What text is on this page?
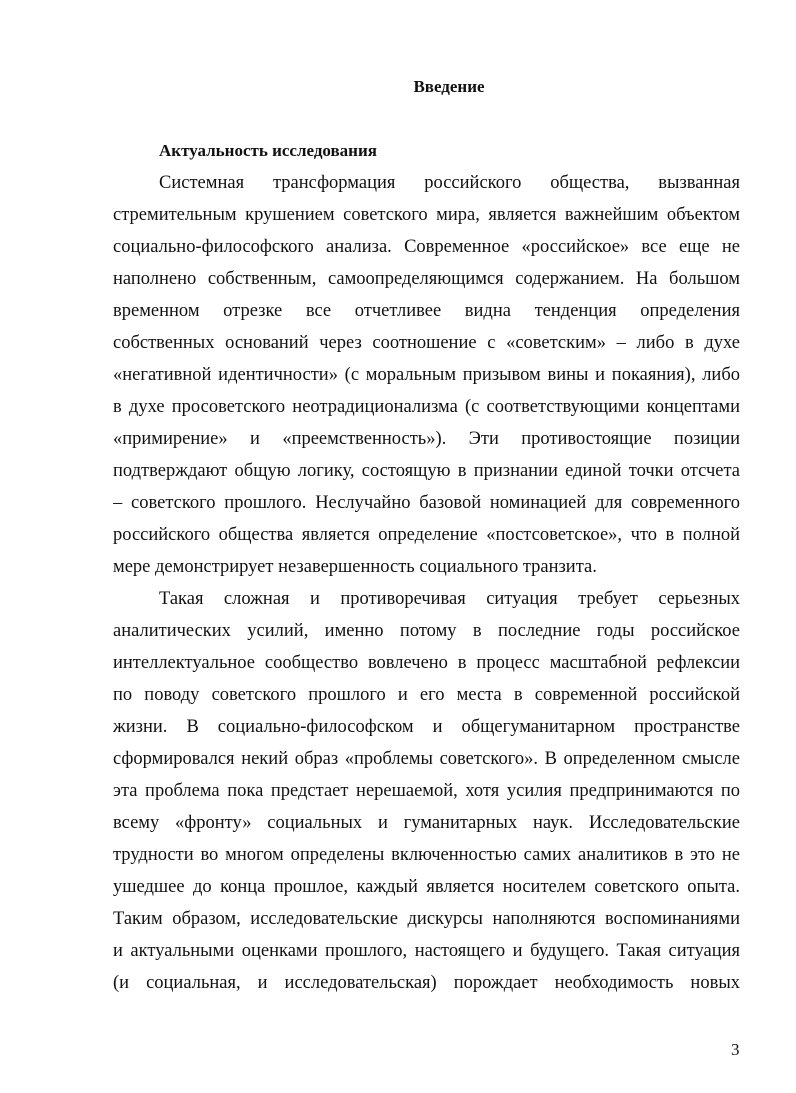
Введение
Актуальность исследования
Системная трансформация российского общества, вызванная
стремительным крушением советского мира, является важнейшим объектом
социально-философского анализа. Современное «российское» все еще не
наполнено собственным, самоопределяющимся содержанием. На большом
временном отрезке все отчетливее видна тенденция определения
собственных оснований через соотношение с «советским» – либо в духе
«негативной идентичности» (с моральным призывом вины и покаяния), либо
в духе просоветского неотрадиционализма (с соответствующими концептами
«примирение» и «преемственность»). Эти противостоящие позиции
подтверждают общую логику, состоящую в признании единой точки отсчета
– советского прошлого. Неслучайно базовой номинацией для современного
российского общества является определение «постсоветское», что в полной
мере демонстрирует незавершенность социального транзита.
Такая сложная и противоречивая ситуация требует серьезных
аналитических усилий, именно потому в последние годы российское
интеллектуальное сообщество вовлечено в процесс масштабной рефлексии
по поводу советского прошлого и его места в современной российской
жизни. В социально-философском и общегуманитарном пространстве
сформировался некий образ «проблемы советского». В определенном смысле
эта проблема пока предстает нерешаемой, хотя усилия предпринимаются по
всему «фронту» социальных и гуманитарных наук. Исследовательские
трудности во многом определены включенностью самих аналитиков в это не
ушедшее до конца прошлое, каждый является носителем советского опыта.
Таким образом, исследовательские дискурсы наполняются воспоминаниями
и актуальными оценками прошлого, настоящего и будущего. Такая ситуация
(и социальная, и исследовательская) порождает необходимость новых
3
